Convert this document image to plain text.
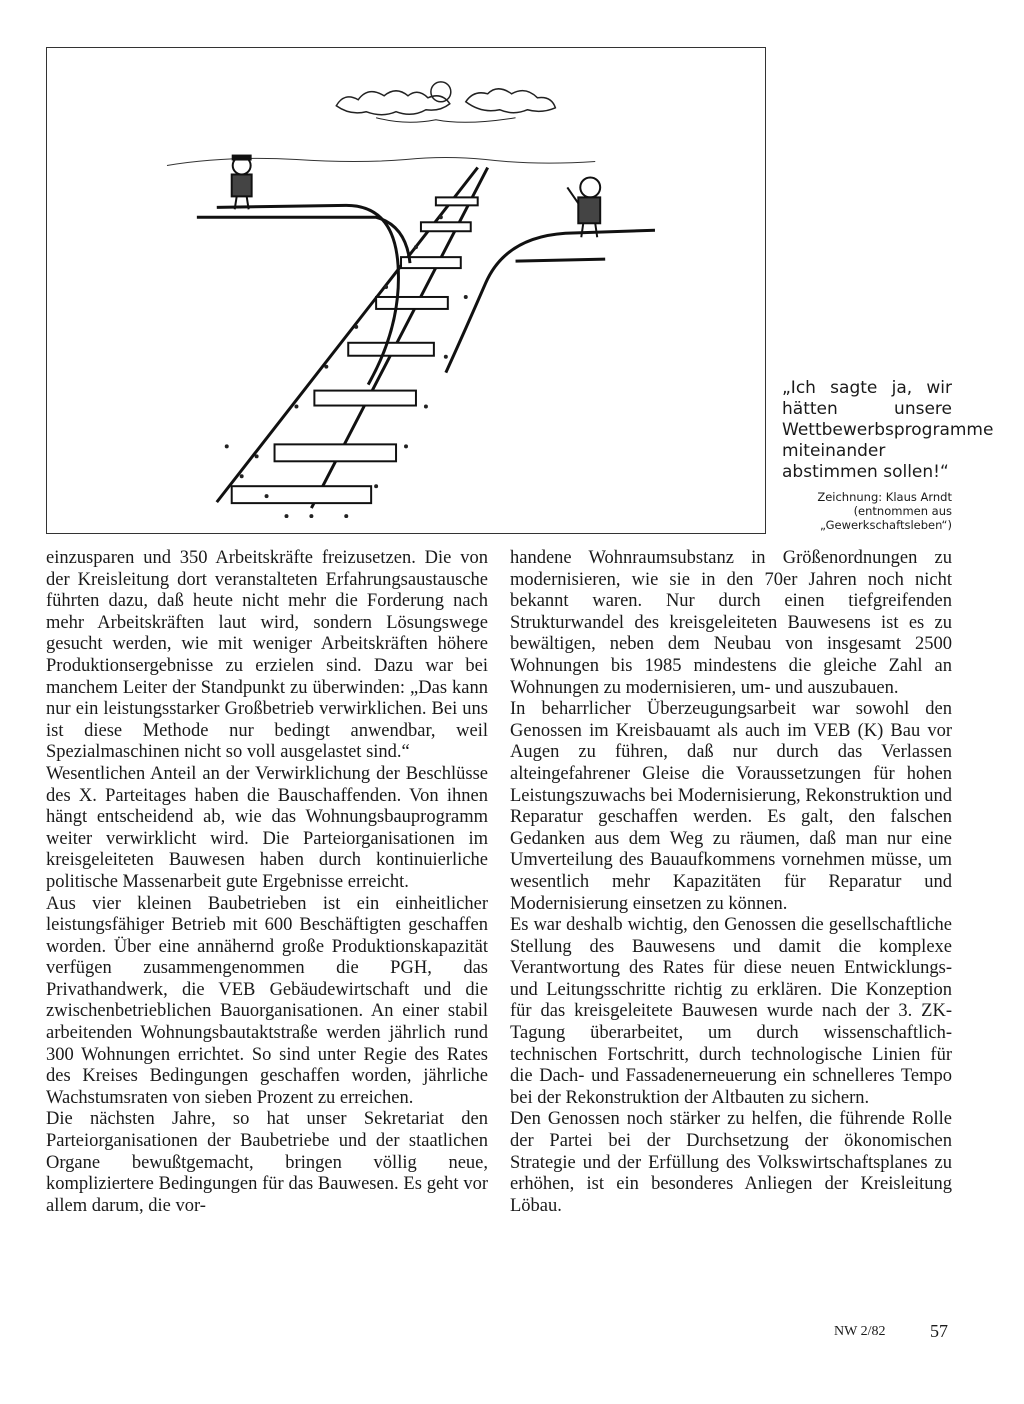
„Ich sagte ja, wir hätten unsere Wettbewerbsprogramme miteinander abstimmen sollen!“
Zeichnung: Klaus Arndt (entnommen aus „Gewerkschaftsleben“)

einzusparen und 350 Arbeitskräfte freizusetzen. Die von der Kreisleitung dort veranstalteten Erfahrungsaustausche führten dazu, daß heute nicht mehr die Forderung nach mehr Arbeitskräften laut wird, sondern Lösungswege gesucht werden, wie mit weniger Arbeitskräften höhere Produktionsergebnisse zu erzielen sind. Dazu war bei manchem Leiter der Standpunkt zu überwinden: „Das kann nur ein leistungsstarker Großbetrieb verwirklichen. Bei uns ist diese Methode nur bedingt anwendbar, weil Spezialmaschinen nicht so voll ausgelastet sind.“

Wesentlichen Anteil an der Verwirklichung der Beschlüsse des X. Parteitages haben die Bauschaffenden. Von ihnen hängt entscheidend ab, wie das Wohnungsbauprogramm weiter verwirklicht wird. Die Parteiorganisationen im kreisgeleiteten Bauwesen haben durch kontinuierliche politische Massenarbeit gute Ergebnisse erreicht.

Aus vier kleinen Baubetrieben ist ein einheitlicher leistungsfähiger Betrieb mit 600 Beschäftigten geschaffen worden. Über eine annähernd große Produktionskapazität verfügen zusammengenommen die PGH, das Privathandwerk, die VEB Gebäudewirtschaft und die zwischenbetrieblichen Bauorganisationen. An einer stabil arbeitenden Wohnungsbautaktstraße werden jährlich rund 300 Wohnungen errichtet. So sind unter Regie des Rates des Kreises Bedingungen geschaffen worden, jährliche Wachstumsraten von sieben Prozent zu erreichen.

Die nächsten Jahre, so hat unser Sekretariat den Parteiorganisationen der Baubetriebe und der staatlichen Organe bewußtgemacht, bringen völlig neue, kompliziertere Bedingungen für das Bauwesen. Es geht vor allem darum, die vor-

handene Wohnraumsubstanz in Größenordnungen zu modernisieren, wie sie in den 70er Jahren noch nicht bekannt waren. Nur durch einen tiefgreifenden Strukturwandel des kreisgeleiteten Bauwesens ist es zu bewältigen, neben dem Neubau von insgesamt 2500 Wohnungen bis 1985 mindestens die gleiche Zahl an Wohnungen zu modernisieren, um- und auszubauen.

In beharrlicher Überzeugungsarbeit war sowohl den Genossen im Kreisbauamt als auch im VEB (K) Bau vor Augen zu führen, daß nur durch das Verlassen alteingefahrener Gleise die Voraussetzungen für hohen Leistungszuwachs bei Modernisierung, Rekonstruktion und Reparatur geschaffen werden. Es galt, den falschen Gedanken aus dem Weg zu räumen, daß man nur eine Umverteilung des Bauaufkommens vornehmen müsse, um wesentlich mehr Kapazitäten für Reparatur und Modernisierung einsetzen zu können.

Es war deshalb wichtig, den Genossen die gesellschaftliche Stellung des Bauwesens und damit die komplexe Verantwortung des Rates für diese neuen Entwicklungs- und Leitungsschritte richtig zu erklären. Die Konzeption für das kreisgeleitete Bauwesen wurde nach der 3. ZK-Tagung überarbeitet, um durch wissenschaftlich-technischen Fortschritt, durch technologische Linien für die Dach- und Fassadenerneuerung ein schnelleres Tempo bei der Rekonstruktion der Altbauten zu sichern.

Den Genossen noch stärker zu helfen, die führende Rolle der Partei bei der Durchsetzung der ökonomischen Strategie und der Erfüllung des Volkswirtschaftsplanes zu erhöhen, ist ein besonderes Anliegen der Kreisleitung Löbau.

NW 2/82 57
